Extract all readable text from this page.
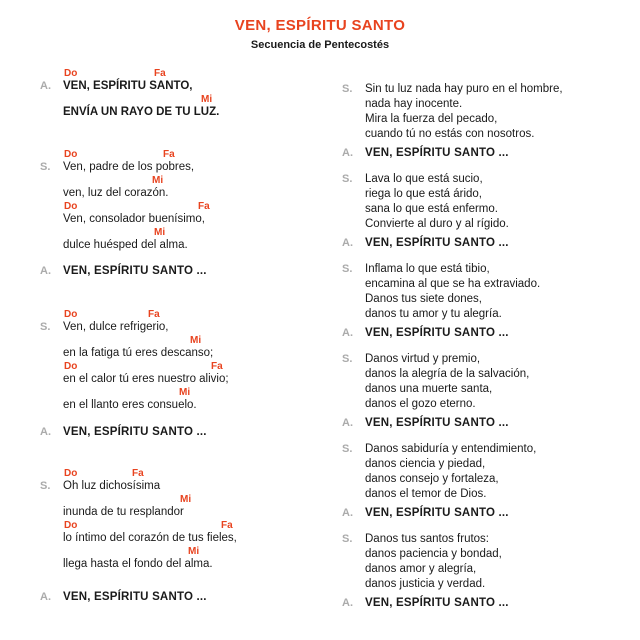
VEN, ESPÍRITU SANTO
Secuencia de Pentecostés
A.
Do	Fa
VEN, ESPÍRITU SANTO,
Mi
ENVÍA UN RAYO DE TU LUZ.
S.
Do	Fa
Ven, padre de los pobres,
Mi
ven, luz del corazón.
Do	Fa
Ven, consolador buenísimo,
Mi
dulce huésped del alma.
A.	VEN, ESPÍRITU SANTO ...
S.
Do	Fa
Ven, dulce refrigerio,
Mi
en la fatiga tú eres descanso;
Do	Fa
en el calor tú eres nuestro alivio;
Mi
en el llanto eres consuelo.
A.	VEN, ESPÍRITU SANTO ...
S.
Do	Fa
Oh luz dichosísima
Mi
inunda de tu resplandor
Do	Fa
lo íntimo del corazón de tus fieles,
Mi
llega hasta el fondo del alma.
A.	VEN, ESPÍRITU SANTO ...
S.	Sin tu luz nada hay puro en el hombre,
nada hay inocente.
Mira la fuerza del pecado,
cuando tú no estás con nosotros.
A.	VEN, ESPÍRITU SANTO ...
S.	Lava lo que está sucio,
riega lo que está árido,
sana lo que está enfermo.
Convierte al duro y al rígido.
A.	VEN, ESPÍRITU SANTO ...
S.	Inflama lo que está tibio,
encamina al que se ha extraviado.
Danos tus siete dones,
danos tu amor y tu alegría.
A.	VEN, ESPÍRITU SANTO ...
S.	Danos virtud y premio,
danos la alegría de la salvación,
danos una muerte santa,
danos el gozo eterno.
A.	VEN, ESPÍRITU SANTO ...
S.	Danos sabiduría y entendimiento,
danos ciencia y piedad,
danos consejo y fortaleza,
danos el temor de Dios.
A.	VEN, ESPÍRITU SANTO ...
S.	Danos tus santos frutos:
danos paciencia y bondad,
danos amor y alegría,
danos justicia y verdad.
A.	VEN, ESPÍRITU SANTO ...
